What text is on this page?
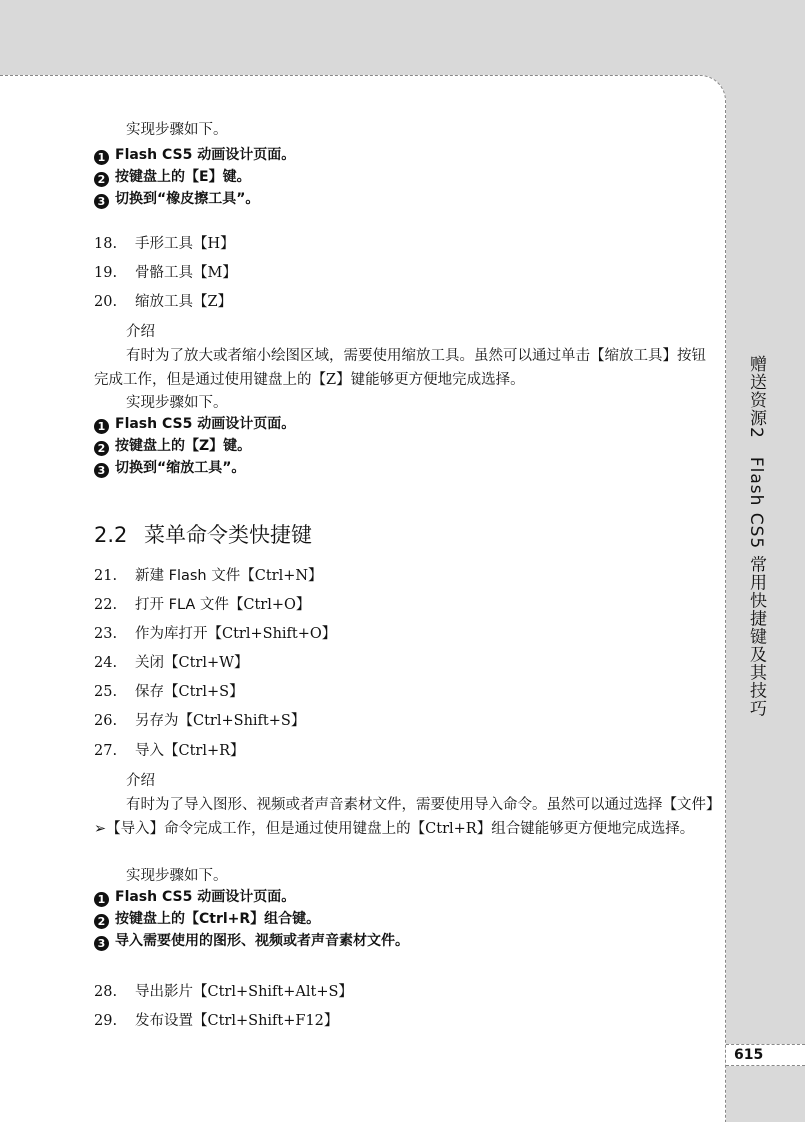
赠送资源2　Flash CS5 常用快捷键及其技巧
615

实现步骤如下。

1 Flash CS5 动画设计页面。
2 按键盘上的【E】键。
3 切换到“橡皮擦工具”。
18. 手形工具【H】
19. 骨骼工具【M】
20. 缩放工具【Z】

介绍

有时为了放大或者缩小绘图区域，需要使用缩放工具。虽然可以通过单击【缩放工具】按钮完成工作，但是通过使用键盘上的【Z】键能够更方便地完成选择。

实现步骤如下。

1 Flash CS5 动画设计页面。
2 按键盘上的【Z】键。
3 切换到“缩放工具”。
2.2 菜单命令类快捷键
21. 新建 Flash 文件【Ctrl+N】
22. 打开 FLA 文件【Ctrl+O】
23. 作为库打开【Ctrl+Shift+O】
24. 关闭【Ctrl+W】
25. 保存【Ctrl+S】
26. 另存为【Ctrl+Shift+S】
27. 导入【Ctrl+R】

介绍

有时为了导入图形、视频或者声音素材文件，需要使用导入命令。虽然可以通过选择【文件】➢【导入】命令完成工作，但是通过使用键盘上的【Ctrl+R】组合键能够更方便地完成选择。

实现步骤如下。

1 Flash CS5 动画设计页面。
2 按键盘上的【Ctrl+R】组合键。
3 导入需要使用的图形、视频或者声音素材文件。
28. 导出影片【Ctrl+Shift+Alt+S】
29. 发布设置【Ctrl+Shift+F12】
